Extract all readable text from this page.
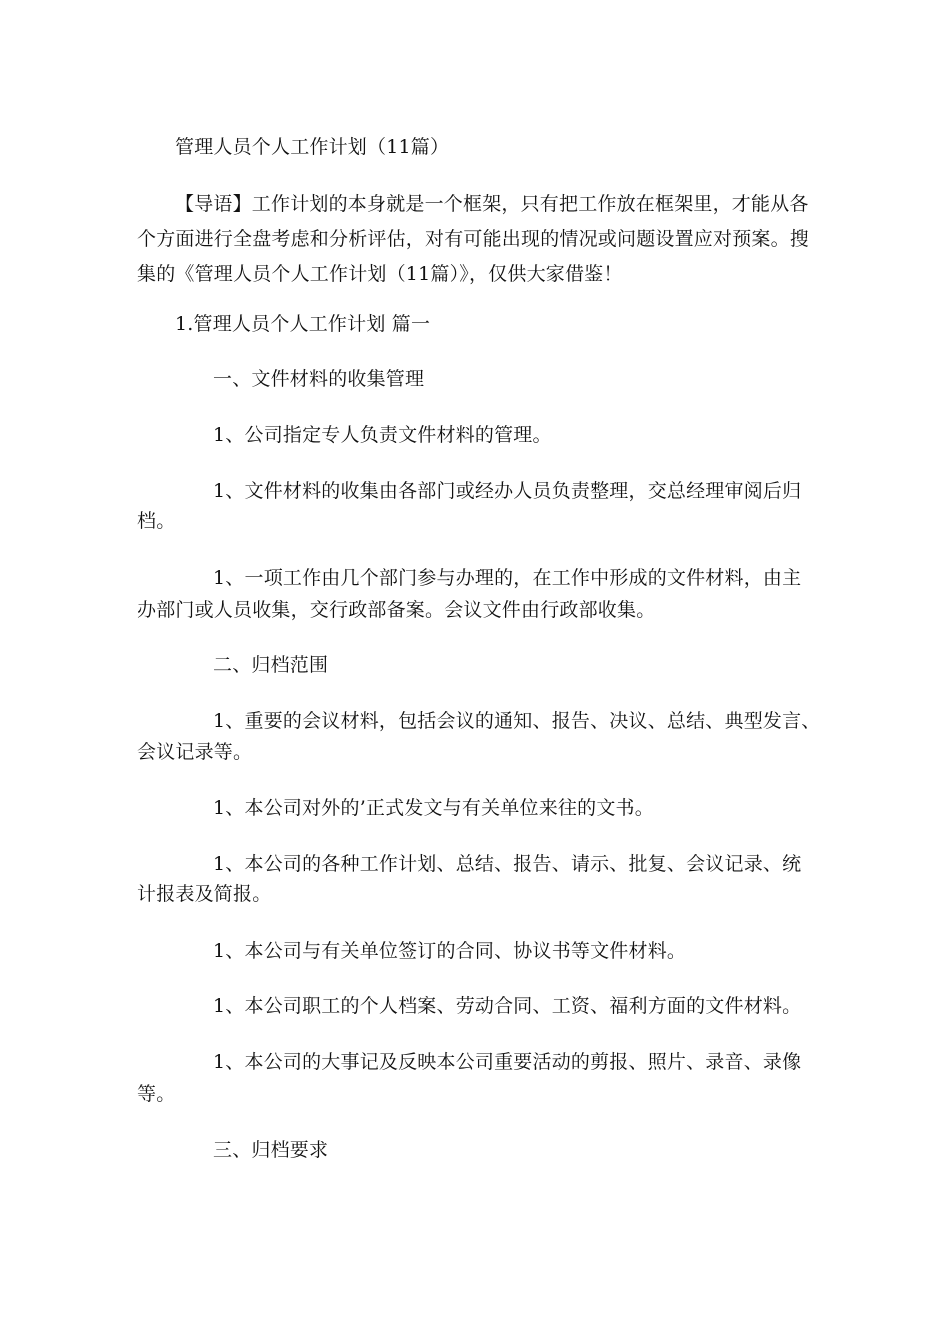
管理人员个人工作计划（11篇）
【导语】工作计划的本身就是一个框架，只有把工作放在框架里，才能从各
个方面进行全盘考虑和分析评估，对有可能出现的情况或问题设置应对预案。搜
集的《管理人员个人工作计划（11篇）》，仅供大家借鉴！
1.管理人员个人工作计划 篇一
一、文件材料的收集管理
1、公司指定专人负责文件材料的管理。
1、文件材料的收集由各部门或经办人员负责整理，交总经理审阅后归
档。
1、一项工作由几个部门参与办理的，在工作中形成的文件材料，由主
办部门或人员收集，交行政部备案。会议文件由行政部收集。
二、归档范围
1、重要的会议材料，包括会议的通知、报告、决议、总结、典型发言、
会议记录等。
1、本公司对外的’正式发文与有关单位来往的文书。
1、本公司的各种工作计划、总结、报告、请示、批复、会议记录、统
计报表及简报。
1、本公司与有关单位签订的合同、协议书等文件材料。
1、本公司职工的个人档案、劳动合同、工资、福利方面的文件材料。
1、本公司的大事记及反映本公司重要活动的剪报、照片、录音、录像
等。
三、归档要求
